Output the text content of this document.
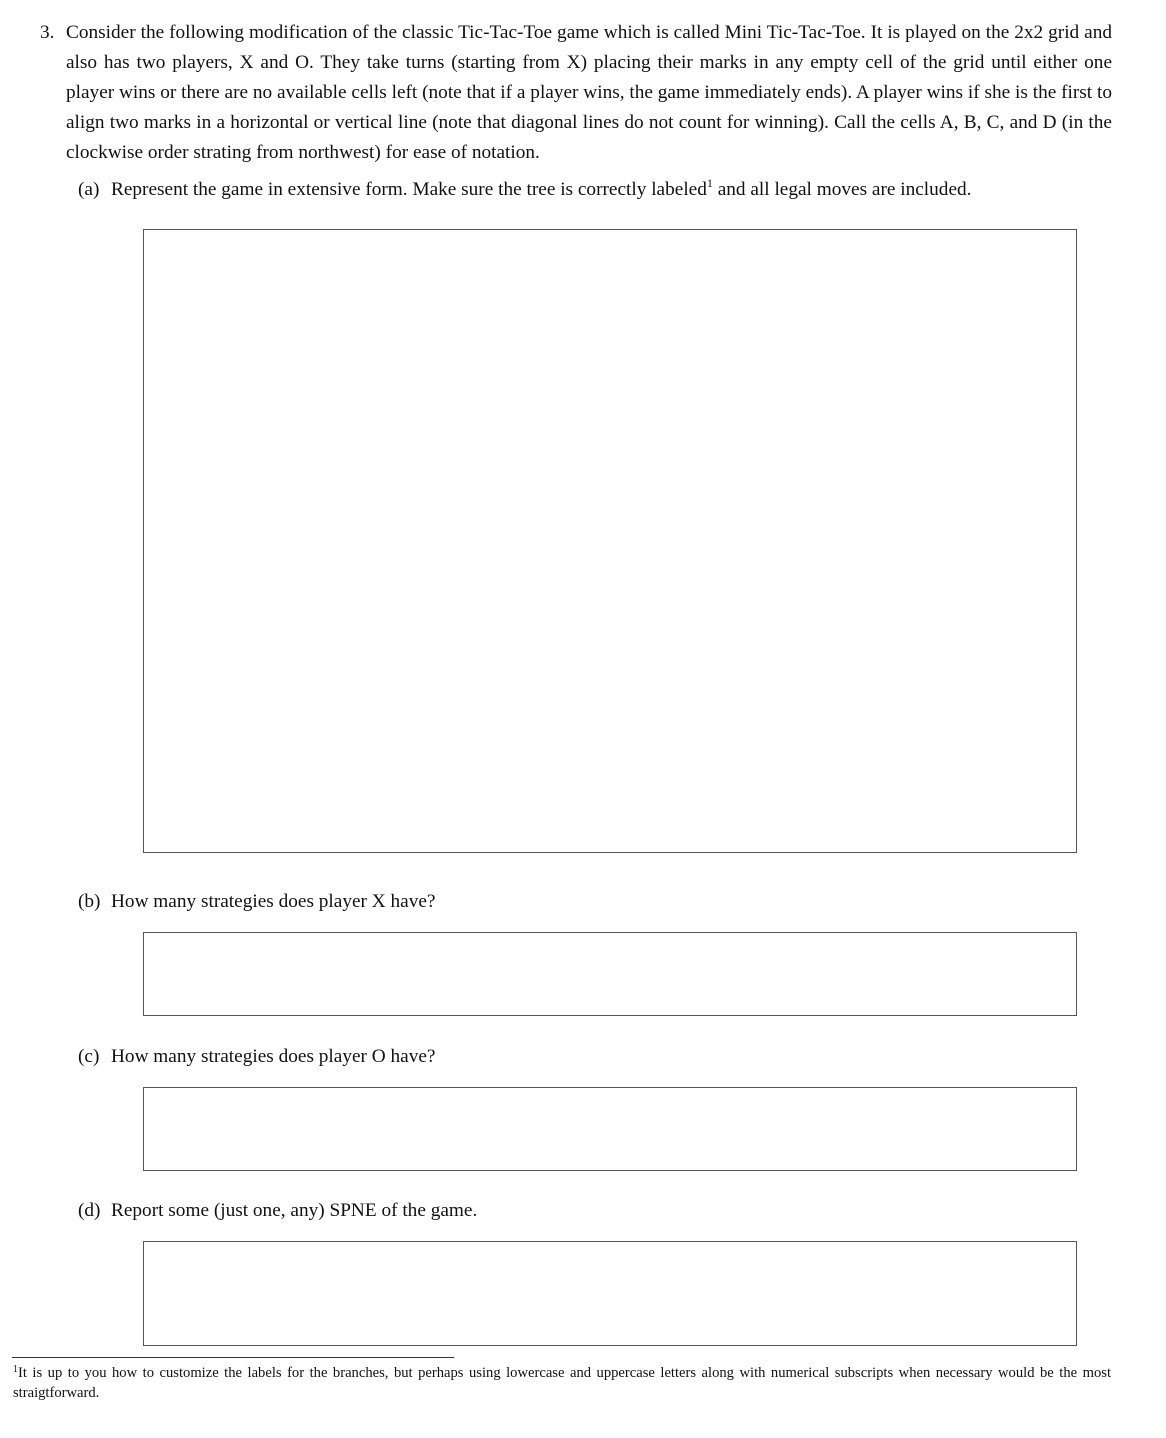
3. Consider the following modification of the classic Tic-Tac-Toe game which is called Mini Tic-Tac-Toe. It is played on the 2x2 grid and also has two players, X and O. They take turns (starting from X) placing their marks in any empty cell of the grid until either one player wins or there are no available cells left (note that if a player wins, the game immediately ends). A player wins if she is the first to align two marks in a horizontal or vertical line (note that diagonal lines do not count for winning). Call the cells A, B, C, and D (in the clockwise order strating from northwest) for ease of notation.
(a) Represent the game in extensive form. Make sure the tree is correctly labeled$^1$ and all legal moves are included.
(b) How many strategies does player X have?
(c) How many strategies does player O have?
(d) Report some (just one, any) SPNE of the game.
$^1$It is up to you how to customize the labels for the branches, but perhaps using lowercase and uppercase letters along with numerical subscripts when necessary would be the most straigtforward.
